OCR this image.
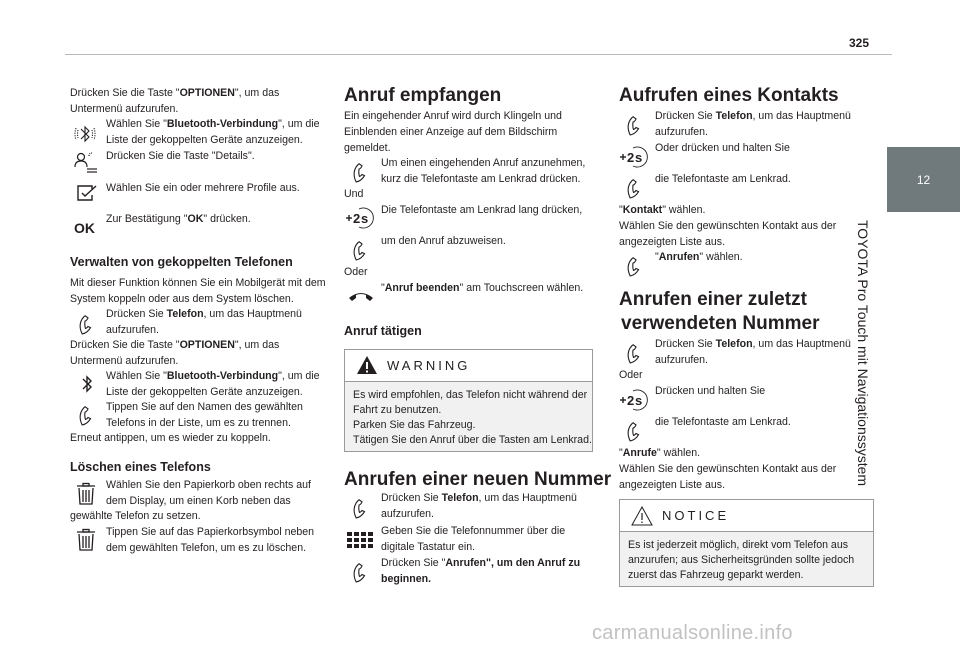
325
12
TOYOTA Pro Touch mit Navigationssystem
Drücken Sie die Taste "OPTIONEN", um das
Untermenü aufzurufen.
Wählen Sie "Bluetooth-Verbindung", um die
Liste der gekoppelten Geräte anzuzeigen.
Drücken Sie die Taste "Details".
Wählen Sie ein oder mehrere Profile aus.
OK
Zur Bestätigung "OK" drücken.
Verwalten von gekoppelten Telefonen
Mit dieser Funktion können Sie ein Mobilgerät mit dem
System koppeln oder aus dem System löschen.
Drücken Sie Telefon, um das Hauptmenü
aufzurufen.
Drücken Sie die Taste "OPTIONEN", um das
Untermenü aufzurufen.
Wählen Sie "Bluetooth-Verbindung", um die
Liste der gekoppelten Geräte anzuzeigen.
Tippen Sie auf den Namen des gewählten
Telefons in der Liste, um es zu trennen.
Erneut antippen, um es wieder zu koppeln.
Löschen eines Telefons
Wählen Sie den Papierkorb oben rechts auf
dem Display, um einen Korb neben das
gewählte Telefon zu setzen.
Tippen Sie auf das Papierkorbsymbol neben
dem gewählten Telefon, um es zu löschen.
Anruf empfangen
Ein eingehender Anruf wird durch Klingeln und
Einblenden einer Anzeige auf dem Bildschirm
gemeldet.
Um einen eingehenden Anruf anzunehmen,
kurz die Telefontaste am Lenkrad drücken.
Und
2 s
Die Telefontaste am Lenkrad lang drücken,
um den Anruf abzuweisen.
Oder
"Anruf beenden" am Touchscreen wählen.
Anruf tätigen
WARNING
Es wird empfohlen, das Telefon nicht während der
Fahrt zu benutzen.
Parken Sie das Fahrzeug.
Tätigen Sie den Anruf über die Tasten am Lenkrad.
Anrufen einer neuen Nummer
Drücken Sie Telefon, um das Hauptmenü
aufzurufen.
Geben Sie die Telefonnummer über die
digitale Tastatur ein.
Drücken Sie "Anrufen", um den Anruf zu
beginnen.
Aufrufen eines Kontakts
Drücken Sie Telefon, um das Hauptmenü
aufzurufen.
2 s
Oder drücken und halten Sie
die Telefontaste am Lenkrad.
"Kontakt" wählen.
Wählen Sie den gewünschten Kontakt aus der
angezeigten Liste aus.
"Anrufen" wählen.
Anrufen einer zuletzt
verwendeten Nummer
Drücken Sie Telefon, um das Hauptmenü
aufzurufen.
Oder
2 s
Drücken und halten Sie
die Telefontaste am Lenkrad.
"Anrufe" wählen.
Wählen Sie den gewünschten Kontakt aus der
angezeigten Liste aus.
NOTICE
Es ist jederzeit möglich, direkt vom Telefon aus
anzurufen; aus Sicherheitsgründen sollte jedoch
zuerst das Fahrzeug geparkt werden.
carmanualsonline.info
